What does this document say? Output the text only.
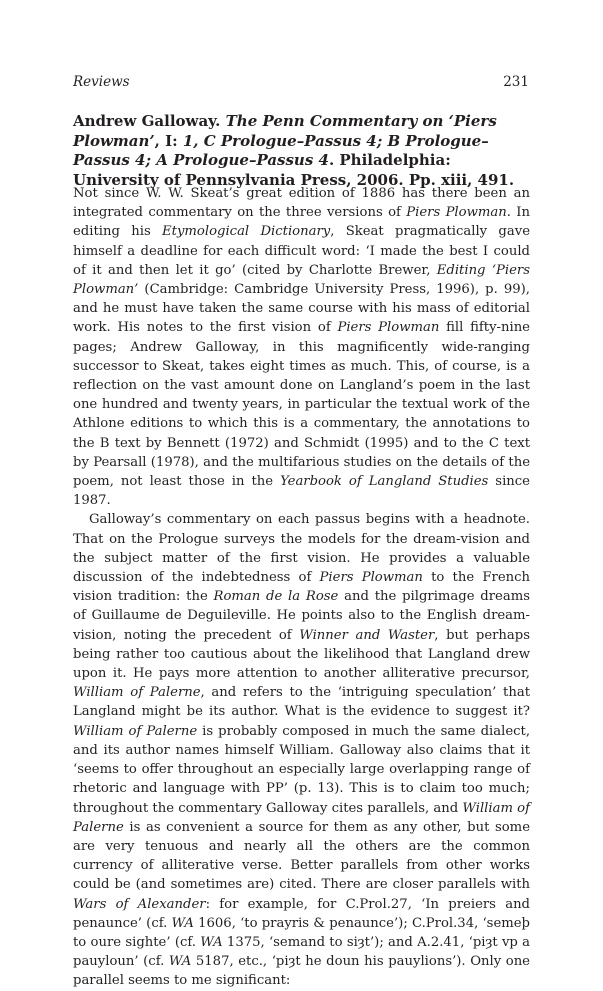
Reviews	231
Andrew Galloway. The Penn Commentary on ‘Piers Plowman’, I: 1, C Prologue–Passus 4; B Prologue–Passus 4; A Prologue–Passus 4. Philadelphia: University of Pennsylvania Press, 2006. Pp. xiii, 491.

Not since W. W. Skeat’s great edition of 1886 has there been an integrated commentary on the three versions of Piers Plowman. In editing his Etymological Dictionary, Skeat pragmatically gave himself a deadline for each difficult word: ‘I made the best I could of it and then let it go’ (cited by Charlotte Brewer, Editing ‘Piers Plowman’ (Cambridge: Cambridge University Press, 1996), p. 99), and he must have taken the same course with his mass of editorial work. His notes to the first vision of Piers Plowman fill fifty-nine pages; Andrew Galloway, in this magnificently wide-ranging successor to Skeat, takes eight times as much. This, of course, is a reflection on the vast amount done on Langland’s poem in the last one hundred and twenty years, in particular the textual work of the Athlone editions to which this is a commentary, the annotations to the B text by Bennett (1972) and Schmidt (1995) and to the C text by Pearsall (1978), and the multifarious studies on the details of the poem, not least those in the Yearbook of Langland Studies since 1987.

Galloway’s commentary on each passus begins with a headnote. That on the Prologue surveys the models for the dream-vision and the subject matter of the first vision. He provides a valuable discussion of the indebtedness of Piers Plowman to the French vision tradition: the Roman de la Rose and the pilgrimage dreams of Guillaume de Deguileville. He points also to the English dream-vision, noting the precedent of Winner and Waster, but perhaps being rather too cautious about the likelihood that Langland drew upon it. He pays more attention to another alliterative precursor, William of Palerne, and refers to the ‘intriguing speculation’ that Langland might be its author. What is the evidence to suggest it? William of Palerne is probably composed in much the same dialect, and its author names himself William. Galloway also claims that it ‘seems to offer throughout an especially large overlapping range of rhetoric and language with PP’ (p. 13). This is to claim too much; throughout the commentary Galloway cites parallels, and William of Palerne is as convenient a source for them as any other, but some are very tenuous and nearly all the others are the common currency of alliterative verse. Better parallels from other works could be (and sometimes are) cited. There are closer parallels with Wars of Alexander: for example, for C.Prol.27, ‘In preiers and penaunce’ (cf. WA 1606, ‘to prayris & penaunce’); C.Prol.34, ‘semeþ to oure sighte’ (cf. WA 1375, ‘semand to siȝt’); and A.2.41, ‘piȝt vp a pauyloun’ (cf. WA 5187, etc., ‘piȝt he doun his pauylions’). Only one parallel seems to me significant:
